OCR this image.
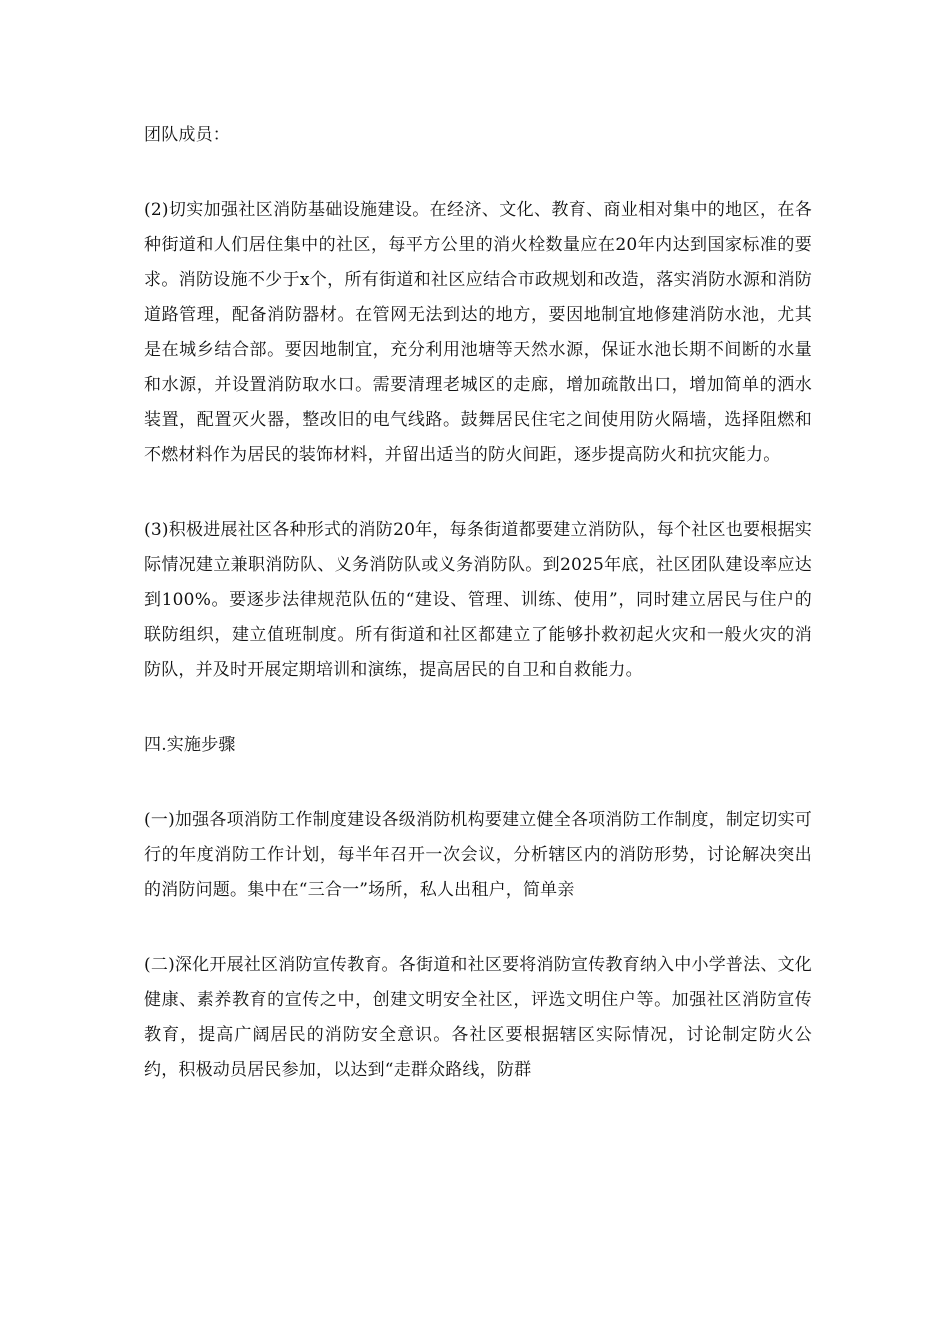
团队成员：

(2)切实加强社区消防基础设施建设。在经济、文化、教育、商业相对集中的地区，在各种街道和人们居住集中的社区，每平方公里的消火栓数量应在20年内达到国家标准的要求。消防设施不少于x个，所有街道和社区应结合市政规划和改造，落实消防水源和消防道路管理，配备消防器材。在管网无法到达的地方，要因地制宜地修建消防水池，尤其是在城乡结合部。要因地制宜，充分利用池塘等天然水源，保证水池长期不间断的水量和水源，并设置消防取水口。需要清理老城区的走廊，增加疏散出口，增加简单的洒水装置，配置灭火器，整改旧的电气线路。鼓舞居民住宅之间使用防火隔墙，选择阻燃和不燃材料作为居民的装饰材料，并留出适当的防火间距，逐步提高防火和抗灾能力。

(3)积极进展社区各种形式的消防20年，每条街道都要建立消防队，每个社区也要根据实际情况建立兼职消防队、义务消防队或义务消防队。到2025年底，社区团队建设率应达到100%。要逐步法律规范队伍的“建设、管理、训练、使用”，同时建立居民与住户的联防组织，建立值班制度。所有街道和社区都建立了能够扑救初起火灾和一般火灾的消防队，并及时开展定期培训和演练，提高居民的自卫和自救能力。

四.实施步骤

(一)加强各项消防工作制度建设各级消防机构要建立健全各项消防工作制度，制定切实可行的年度消防工作计划，每半年召开一次会议，分析辖区内的消防形势，讨论解决突出的消防问题。集中在“三合一”场所，私人出租户，简单亲

(二)深化开展社区消防宣传教育。各街道和社区要将消防宣传教育纳入中小学普法、文化健康、素养教育的宣传之中，创建文明安全社区，评选文明住户等。加强社区消防宣传教育，提高广阔居民的消防安全意识。各社区要根据辖区实际情况，讨论制定防火公约，积极动员居民参加，以达到“走群众路线，防群
